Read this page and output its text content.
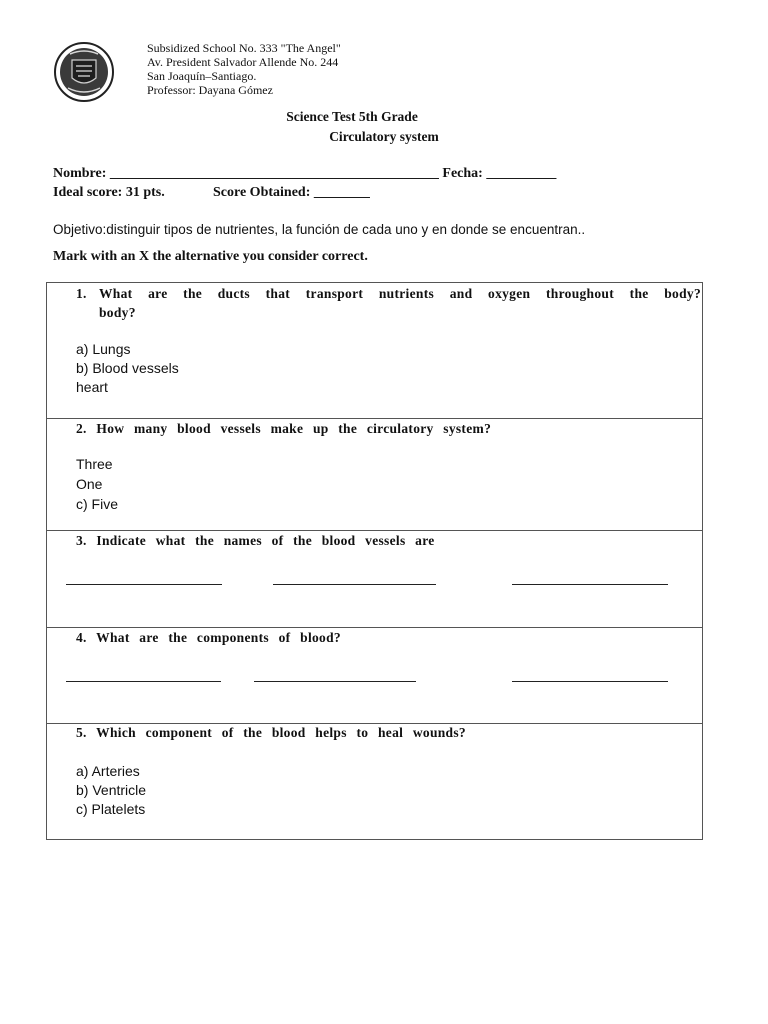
Subsidized School No. 333 "The Angel"
Av. President Salvador Allende No. 244
San Joaquín–Santiago.
Professor: Dayana Gómez
Science Test 5th Grade
Circulatory system
Nombre: _______________________________________________ Fecha: __________
Ideal score: 31 pts.	Score Obtained: ________
Objetivo:distinguir tipos de nutrientes, la función de cada uno y en donde se encuentran..
Mark with an X the alternative you consider correct.
1. What are the ducts that transport nutrients and oxygen throughout the body?
body?
a) Lungs
b) Blood vessels
heart
2. How many blood vessels make up the circulatory system?
Three
One
c) Five
3. Indicate what the names of the blood vessels are
4. What are the components of blood?
5. Which component of the blood helps to heal wounds?
a) Arteries
b) Ventricle
c) Platelets
